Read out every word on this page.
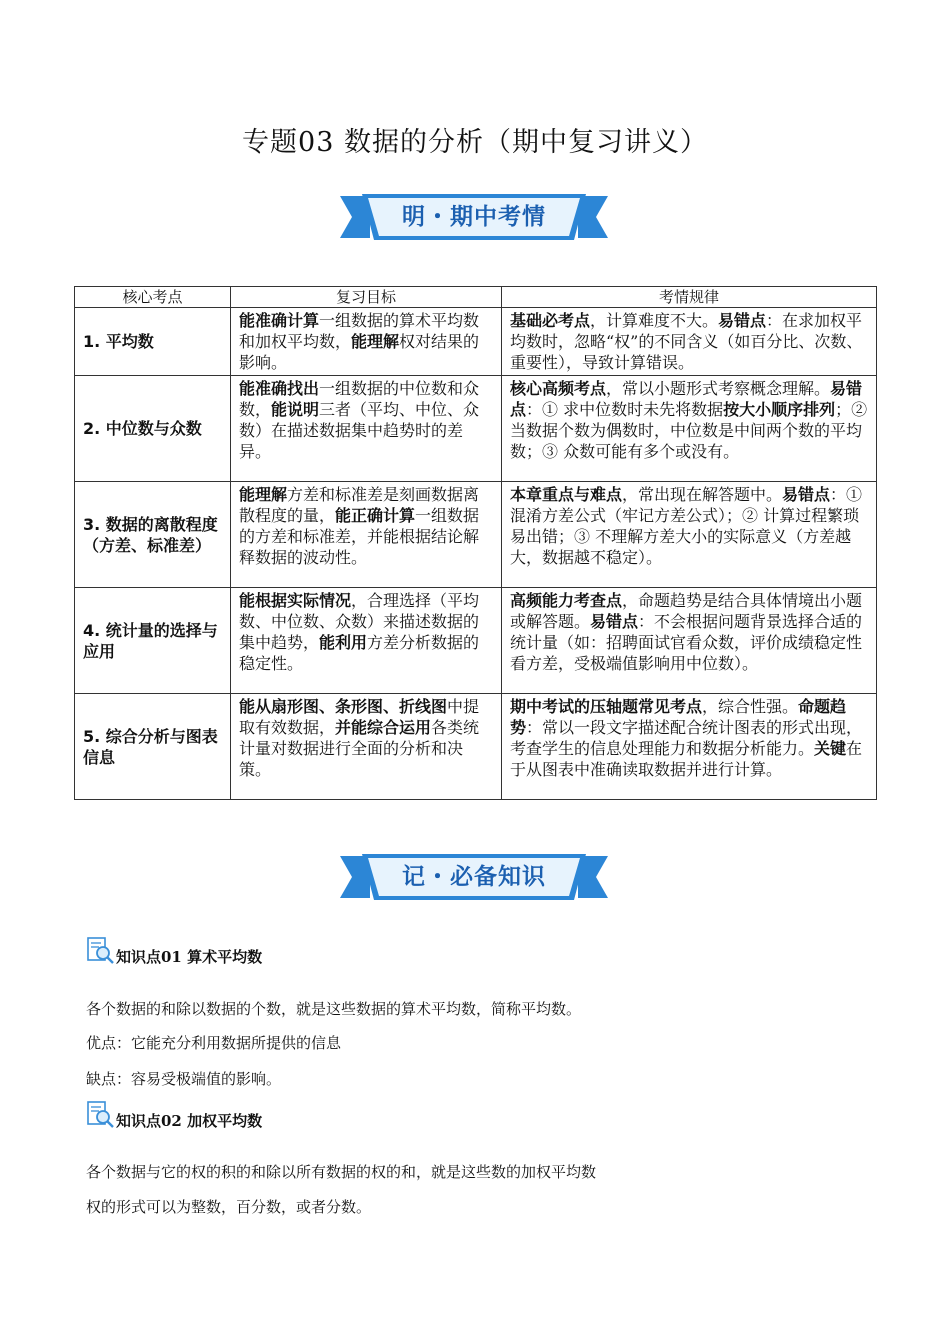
专题03 数据的分析（期中复习讲义）
明・期中考情
核心考点	复习目标	考情规律
1. 平均数	能准确计算一组数据的算术平均数和加权平均数，能理解权对结果的影响。	基础必考点，计算难度不大。易错点：在求加权平均数时，忽略“权”的不同含义（如百分比、次数、重要性），导致计算错误。
2. 中位数与众数	能准确找出一组数据的中位数和众数，能说明三者（平均、中位、众数）在描述数据集中趋势时的差异。	核心高频考点，常以小题形式考察概念理解。易错点：① 求中位数时未先将数据按大小顺序排列；② 当数据个数为偶数时，中位数是中间两个数的平均数；③ 众数可能有多个或没有。
3. 数据的离散程度（方差、标准差）	能理解方差和标准差是刻画数据离散程度的量，能正确计算一组数据的方差和标准差，并能根据结论解释数据的波动性。	本章重点与难点，常出现在解答题中。易错点：① 混淆方差公式（牢记方差公式）；② 计算过程繁琐易出错；③ 不理解方差大小的实际意义（方差越大，数据越不稳定）。
4. 统计量的选择与应用	能根据实际情况，合理选择（平均数、中位数、众数）来描述数据的集中趋势，能利用方差分析数据的稳定性。	高频能力考查点，命题趋势是结合具体情境出小题或解答题。易错点：不会根据问题背景选择合适的统计量（如：招聘面试官看众数，评价成绩稳定性看方差，受极端值影响用中位数）。
5. 综合分析与图表信息	能从扇形图、条形图、折线图中提取有效数据，并能综合运用各类统计量对数据进行全面的分析和决策。	期中考试的压轴题常见考点，综合性强。命题趋势：常以一段文字描述配合统计图表的形式出现，考查学生的信息处理能力和数据分析能力。关键在于从图表中准确读取数据并进行计算。
记・必备知识
知识点01 算术平均数
各个数据的和除以数据的个数，就是这些数据的算术平均数，简称平均数。
优点：它能充分利用数据所提供的信息
缺点：容易受极端值的影响。
知识点02 加权平均数
各个数据与它的权的积的和除以所有数据的权的和，就是这些数的加权平均数
权的形式可以为整数，百分数，或者分数。
